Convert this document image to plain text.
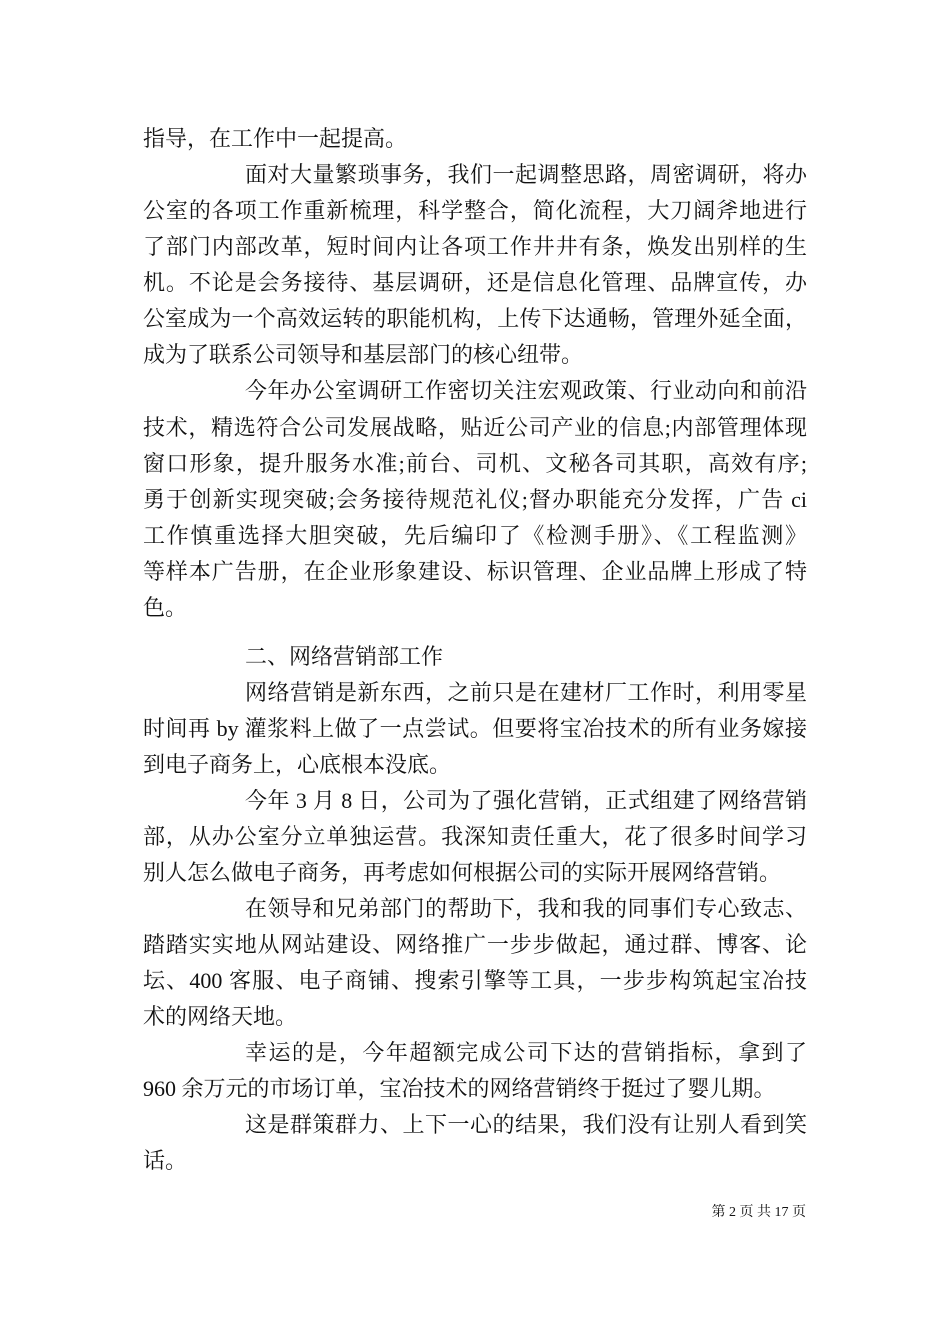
指导，在工作中一起提高。
面对大量繁琐事务，我们一起调整思路，周密调研，将办
公室的各项工作重新梳理，科学整合，简化流程，大刀阔斧地进行
了部门内部改革，短时间内让各项工作井井有条，焕发出别样的生
机。不论是会务接待、基层调研，还是信息化管理、品牌宣传，办
公室成为一个高效运转的职能机构，上传下达通畅，管理外延全面，
成为了联系公司领导和基层部门的核心纽带。
今年办公室调研工作密切关注宏观政策、行业动向和前沿
技术，精选符合公司发展战略，贴近公司产业的信息;内部管理体现
窗口形象，提升服务水准;前台、司机、文秘各司其职，高效有序;
勇于创新实现突破;会务接待规范礼仪;督办职能充分发挥，广告 ci
工作慎重选择大胆突破，先后编印了《检测手册》、《工程监测》
等样本广告册，在企业形象建设、标识管理、企业品牌上形成了特
色。
二、网络营销部工作
网络营销是新东西，之前只是在建材厂工作时，利用零星
时间再 by 灌浆料上做了一点尝试。但要将宝冶技术的所有业务嫁接
到电子商务上，心底根本没底。
今年 3 月 8 日，公司为了强化营销，正式组建了网络营销
部，从办公室分立单独运营。我深知责任重大，花了很多时间学习
别人怎么做电子商务，再考虑如何根据公司的实际开展网络营销。
在领导和兄弟部门的帮助下，我和我的同事们专心致志、
踏踏实实地从网站建设、网络推广一步步做起，通过群、博客、论
坛、400 客服、电子商铺、搜索引擎等工具，一步步构筑起宝冶技
术的网络天地。
幸运的是，今年超额完成公司下达的营销指标，拿到了
960 余万元的市场订单，宝冶技术的网络营销终于挺过了婴儿期。
这是群策群力、上下一心的结果，我们没有让别人看到笑
话。
第 2 页 共 17 页
